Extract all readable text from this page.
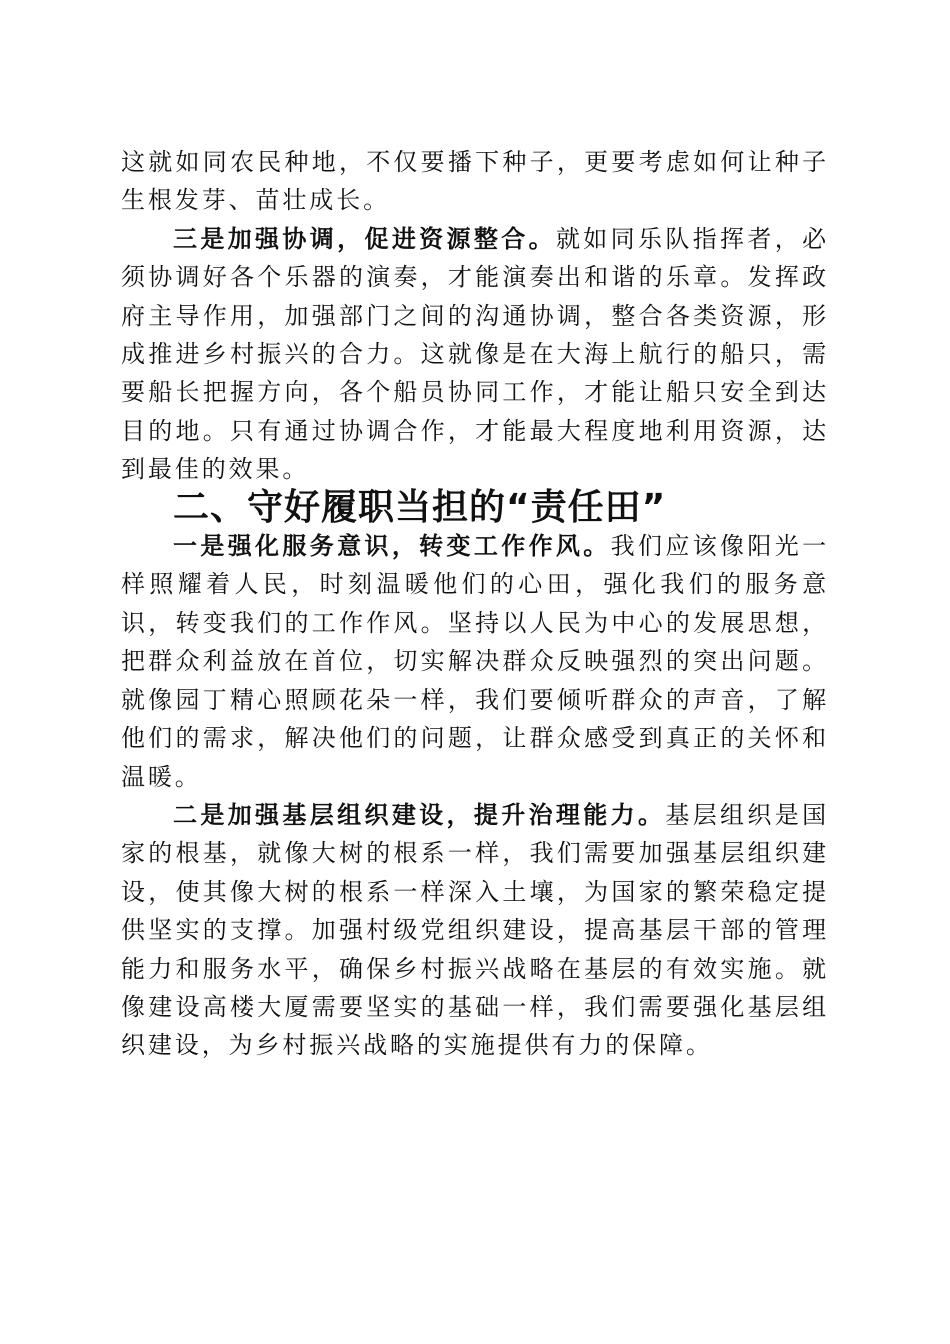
这就如同农民种地，不仅要播下种子，更要考虑如何让种子生根发芽、苗壮成长。

三是加强协调，促进资源整合。就如同乐队指挥者，必须协调好各个乐器的演奏，才能演奏出和谐的乐章。发挥政府主导作用，加强部门之间的沟通协调，整合各类资源，形成推进乡村振兴的合力。这就像是在大海上航行的船只，需要船长把握方向，各个船员协同工作，才能让船只安全到达目的地。只有通过协调合作，才能最大程度地利用资源，达到最佳的效果。

二、守好履职当担的“责任田”

一是强化服务意识，转变工作作风。我们应该像阳光一样照耀着人民，时刻温暖他们的心田，强化我们的服务意识，转变我们的工作作风。坚持以人民为中心的发展思想，把群众利益放在首位，切实解决群众反映强烈的突出问题。就像园丁精心照顾花朵一样，我们要倾听群众的声音，了解他们的需求，解决他们的问题，让群众感受到真正的关怀和温暖。

二是加强基层组织建设，提升治理能力。基层组织是国家的根基，就像大树的根系一样，我们需要加强基层组织建设，使其像大树的根系一样深入土壤，为国家的繁荣稳定提供坚实的支撑。加强村级党组织建设，提高基层干部的管理能力和服务水平，确保乡村振兴战略在基层的有效实施。就像建设高楼大厦需要坚实的基础一样，我们需要强化基层组织建设，为乡村振兴战略的实施提供有力的保障。
